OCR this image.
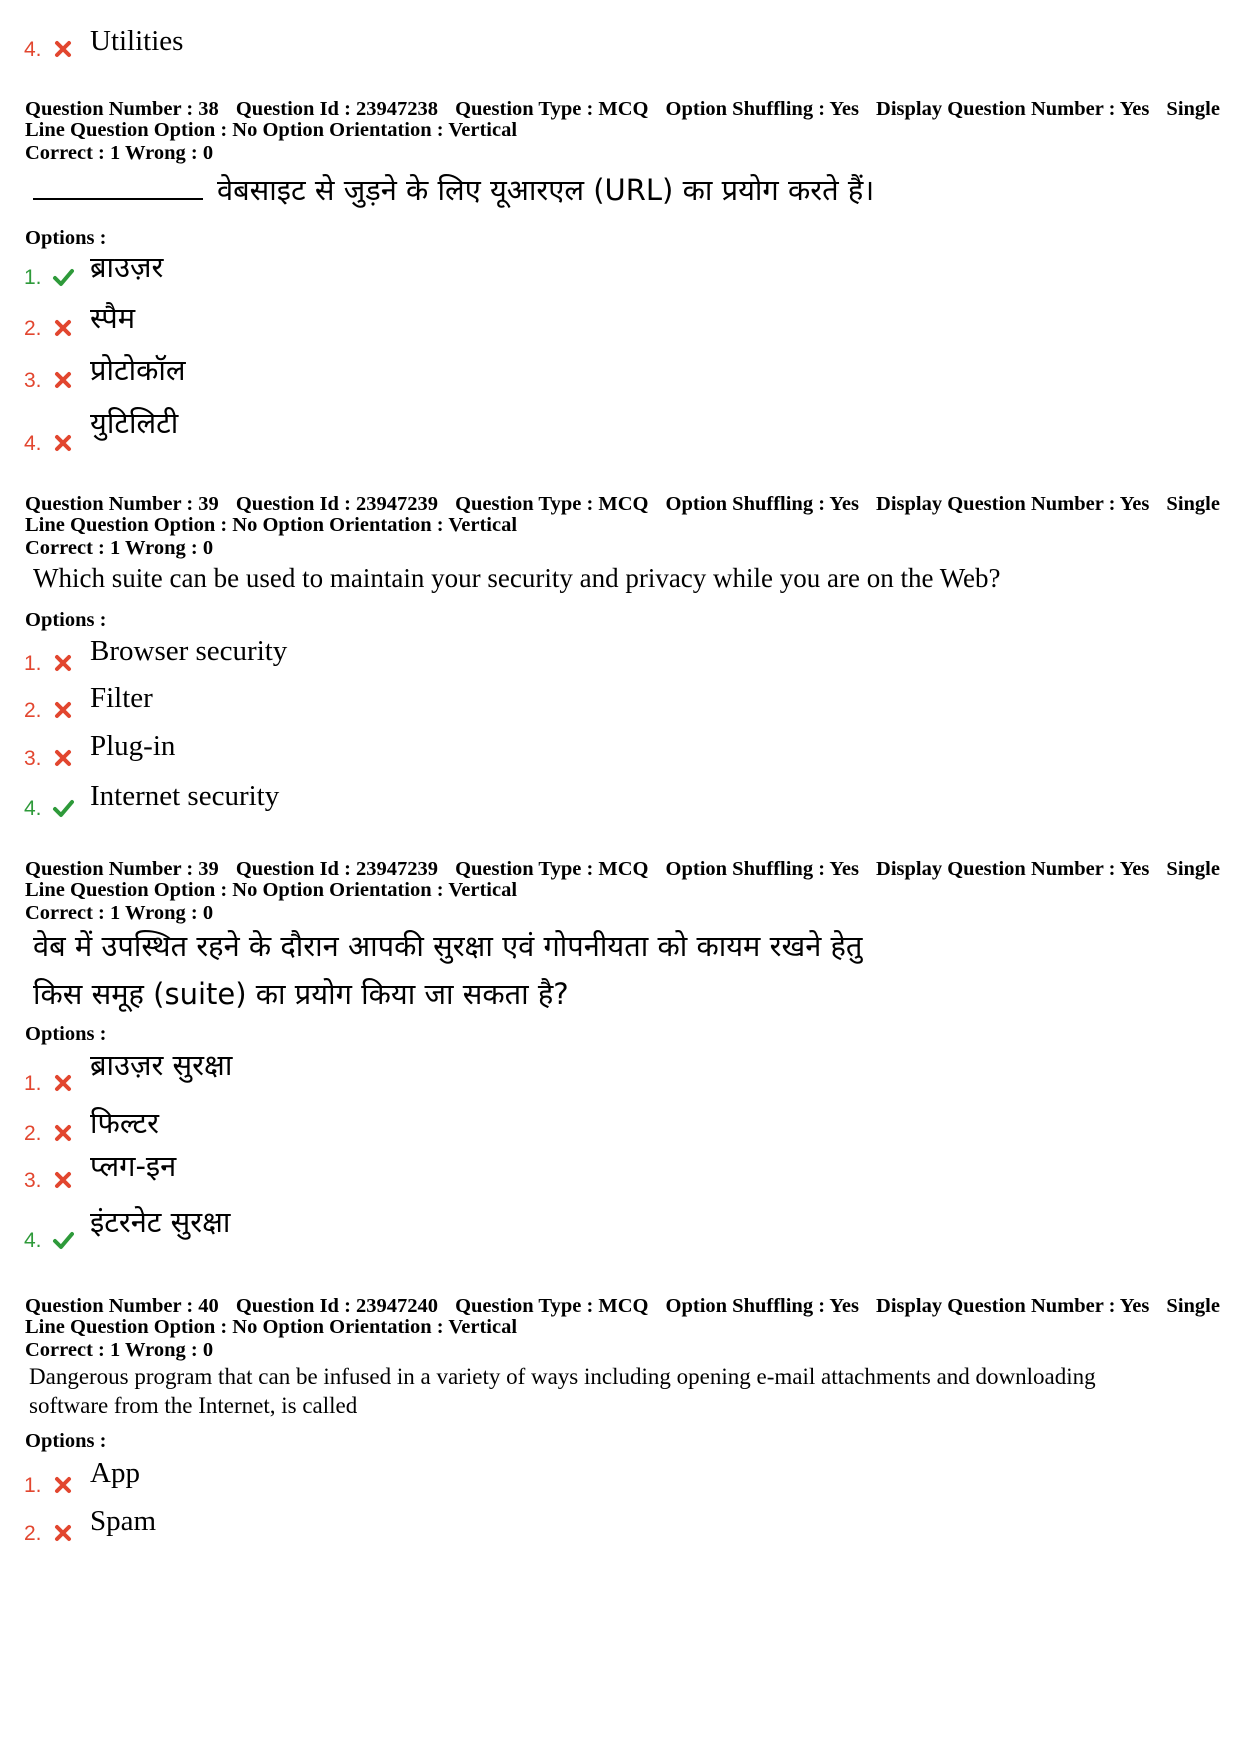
4. Utilities
Question Number : 38 Question Id : 23947238 Question Type : MCQ Option Shuffling : Yes Display Question Number : Yes Single
Line Question Option : No Option Orientation : Vertical
Correct : 1 Wrong : 0
वेबसाइट से जुड़ने के लिए यूआरएल (URL) का प्रयोग करते हैं।
Options :
1. ब्राउज़र
2. स्पैम
3. प्रोटोकॉल
4.
युटिलिटी
Question Number : 39 Question Id : 23947239 Question Type : MCQ Option Shuffling : Yes Display Question Number : Yes Single
Line Question Option : No Option Orientation : Vertical
Correct : 1 Wrong : 0
Which suite can be used to maintain your security and privacy while you are on the Web?
Options :
1. Browser security
2. Filter
3. Plug-in
4. Internet security
Question Number : 39 Question Id : 23947239 Question Type : MCQ Option Shuffling : Yes Display Question Number : Yes Single
Line Question Option : No Option Orientation : Vertical
Correct : 1 Wrong : 0
वेब में उपस्थित रहने के दौरान आपकी सुरक्षा एवं गोपनीयता को कायम रखने हेतु
किस समूह (suite) का प्रयोग किया जा सकता है?
Options :
1.
ब्राउज़र सुरक्षा
2. फिल्टर
3. प्लग-इन
4.
इंटरनेट सुरक्षा
Question Number : 40 Question Id : 23947240 Question Type : MCQ Option Shuffling : Yes Display Question Number : Yes Single
Line Question Option : No Option Orientation : Vertical
Correct : 1 Wrong : 0
Dangerous program that can be infused in a variety of ways including opening e-mail attachments and downloading
software from the Internet, is called
Options :
1. App
2. Spam
